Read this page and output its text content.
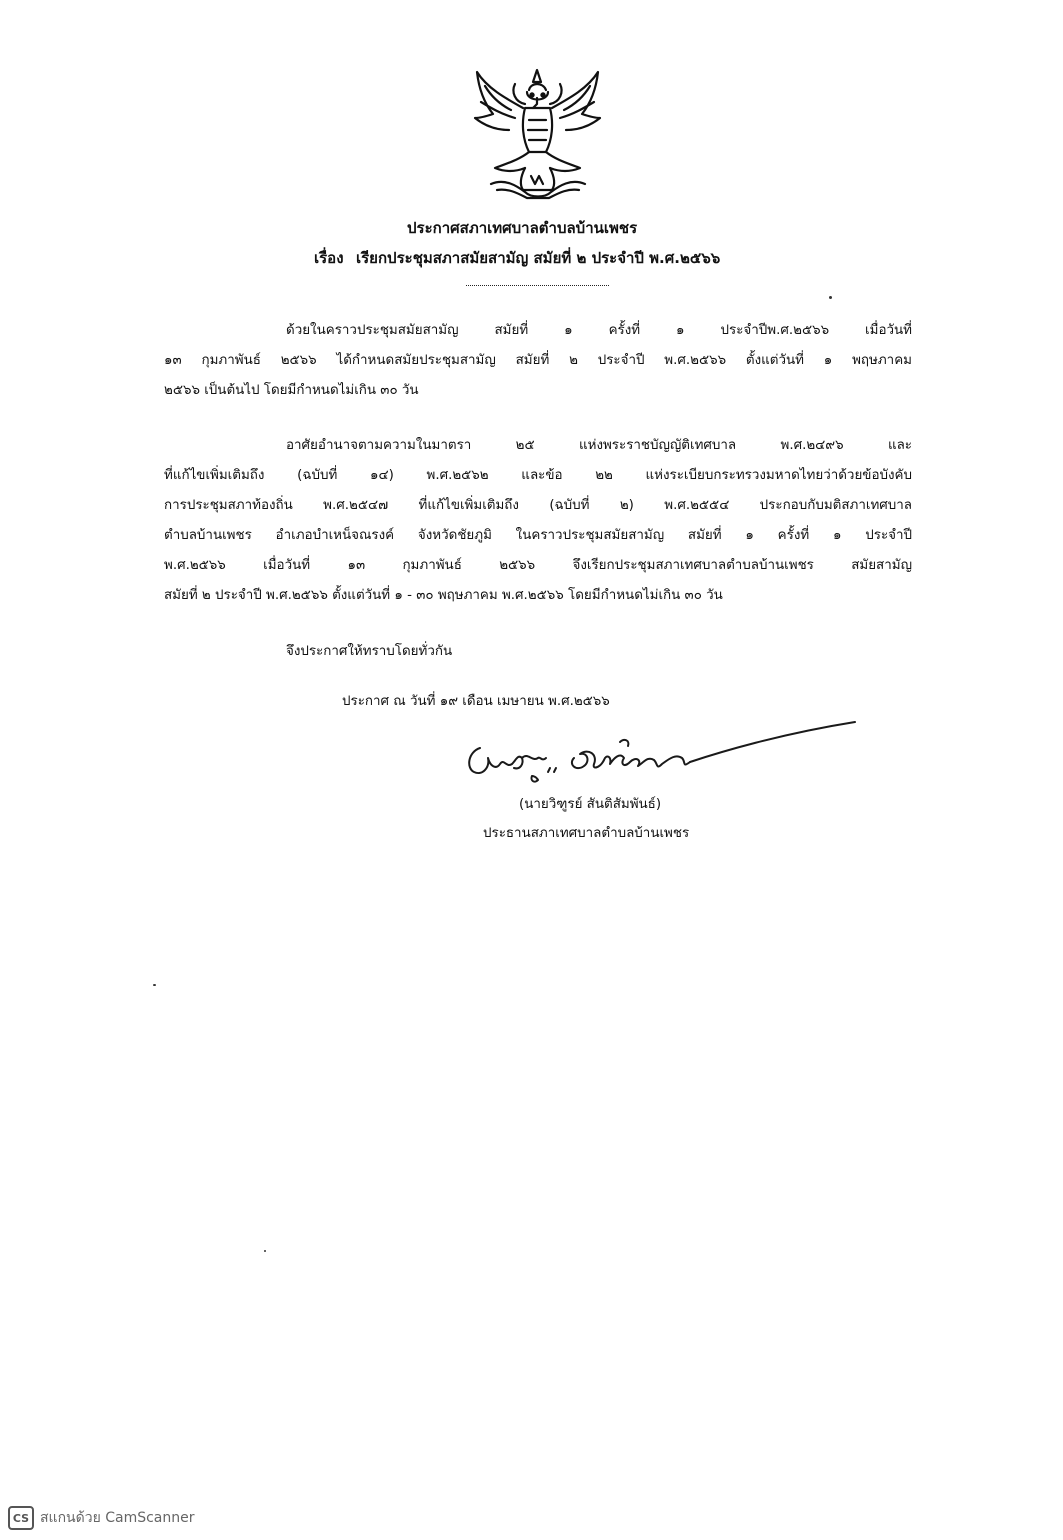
ประกาศสภาเทศบาลตำบลบ้านเพชร
เรื่อง เรียกประชุมสภาสมัยสามัญ สมัยที่ ๒ ประจำปี พ.ศ.๒๕๖๖
ด้วยในคราวประชุมสมัยสามัญ สมัยที่ ๑ ครั้งที่ ๑ ประจำปีพ.ศ.๒๕๖๖ เมื่อวันที่
๑๓ กุมภาพันธ์ ๒๕๖๖ ได้กำหนดสมัยประชุมสามัญ สมัยที่ ๒ ประจำปี พ.ศ.๒๕๖๖ ตั้งแต่วันที่ ๑ พฤษภาคม
๒๕๖๖ เป็นต้นไป โดยมีกำหนดไม่เกิน ๓๐ วัน
อาศัยอำนาจตามความในมาตรา ๒๕ แห่งพระราชบัญญัติเทศบาล พ.ศ.๒๔๙๖ และ
ที่แก้ไขเพิ่มเติมถึง (ฉบับที่ ๑๔) พ.ศ.๒๕๖๒ และข้อ ๒๒ แห่งระเบียบกระทรวงมหาดไทยว่าด้วยข้อบังคับ
การประชุมสภาท้องถิ่น พ.ศ.๒๕๔๗ ที่แก้ไขเพิ่มเติมถึง (ฉบับที่ ๒) พ.ศ.๒๕๕๔ ประกอบกับมติสภาเทศบาล
ตำบลบ้านเพชร อำเภอบำเหน็จณรงค์ จังหวัดชัยภูมิ ในคราวประชุมสมัยสามัญ สมัยที่ ๑ ครั้งที่ ๑ ประจำปี
พ.ศ.๒๕๖๖ เมื่อวันที่ ๑๓ กุมภาพันธ์ ๒๕๖๖ จึงเรียกประชุมสภาเทศบาลตำบลบ้านเพชร สมัยสามัญ
สมัยที่ ๒ ประจำปี พ.ศ.๒๕๖๖ ตั้งแต่วันที่ ๑ - ๓๐ พฤษภาคม พ.ศ.๒๕๖๖ โดยมีกำหนดไม่เกิน ๓๐ วัน
จึงประกาศให้ทราบโดยทั่วกัน
ประกาศ ณ วันที่ ๑๙ เดือน เมษายน พ.ศ.๒๕๖๖
(นายวิฑูรย์ สันติสัมพันธ์)
ประธานสภาเทศบาลตำบลบ้านเพชร
CS สแกนด้วย CamScanner
